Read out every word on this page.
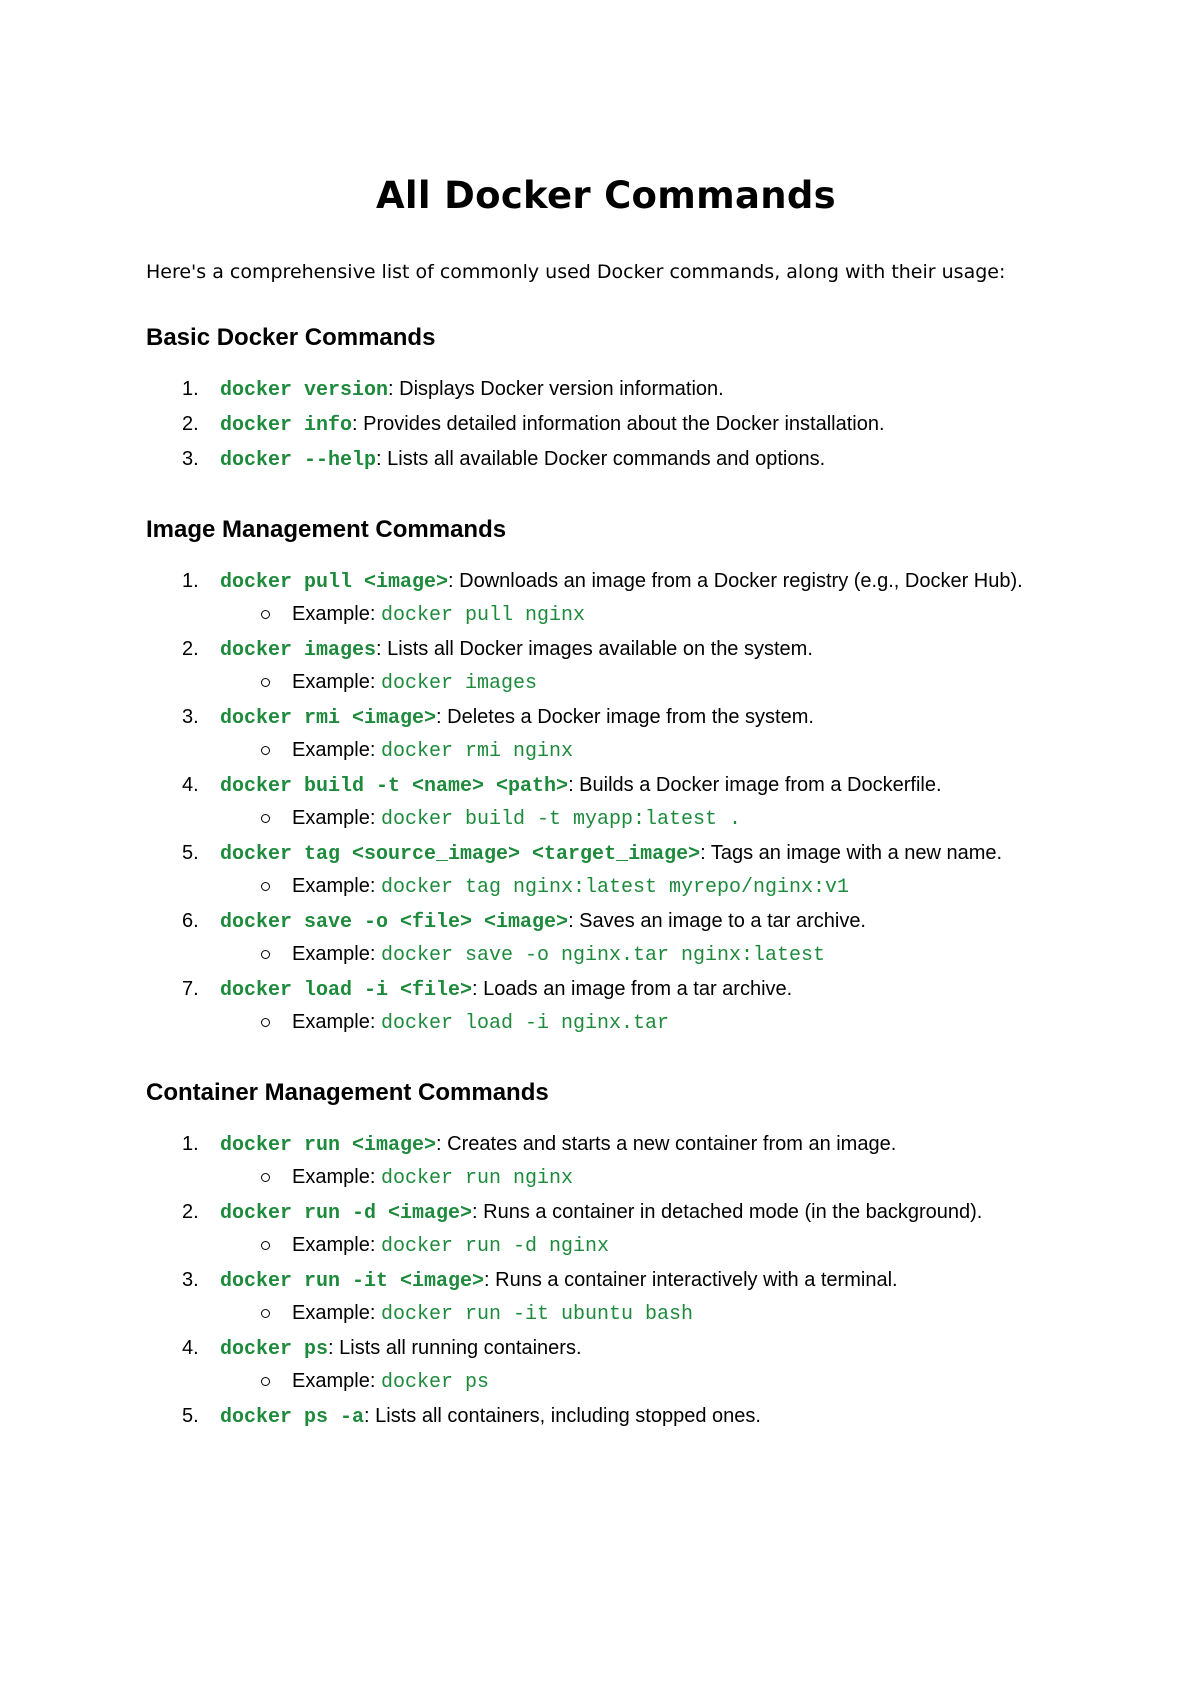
All Docker Commands

Here's a comprehensive list of commonly used Docker commands, along with their usage:

Basic Docker Commands
1.	docker version: Displays Docker version information.
2.	docker info: Provides detailed information about the Docker installation.
3.	docker --help: Lists all available Docker commands and options.
Image Management Commands
1.	docker pull <image>: Downloads an image from a Docker registry (e.g., Docker Hub).
Example: docker pull nginx
2.	docker images: Lists all Docker images available on the system.
Example: docker images
3.	docker rmi <image>: Deletes a Docker image from the system.
Example: docker rmi nginx
4.	docker build -t <name> <path>: Builds a Docker image from a Dockerfile.
Example: docker build -t myapp:latest .
5.	docker tag <source_image> <target_image>: Tags an image with a new name.
Example: docker tag nginx:latest myrepo/nginx:v1
6.	docker save -o <file> <image>: Saves an image to a tar archive.
Example: docker save -o nginx.tar nginx:latest
7.	docker load -i <file>: Loads an image from a tar archive.
Example: docker load -i nginx.tar
Container Management Commands
1.	docker run <image>: Creates and starts a new container from an image.
Example: docker run nginx
2.	docker run -d <image>: Runs a container in detached mode (in the background).
Example: docker run -d nginx
3.	docker run -it <image>: Runs a container interactively with a terminal.
Example: docker run -it ubuntu bash
4.	docker ps: Lists all running containers.
Example: docker ps
5.	docker ps -a: Lists all containers, including stopped ones.
